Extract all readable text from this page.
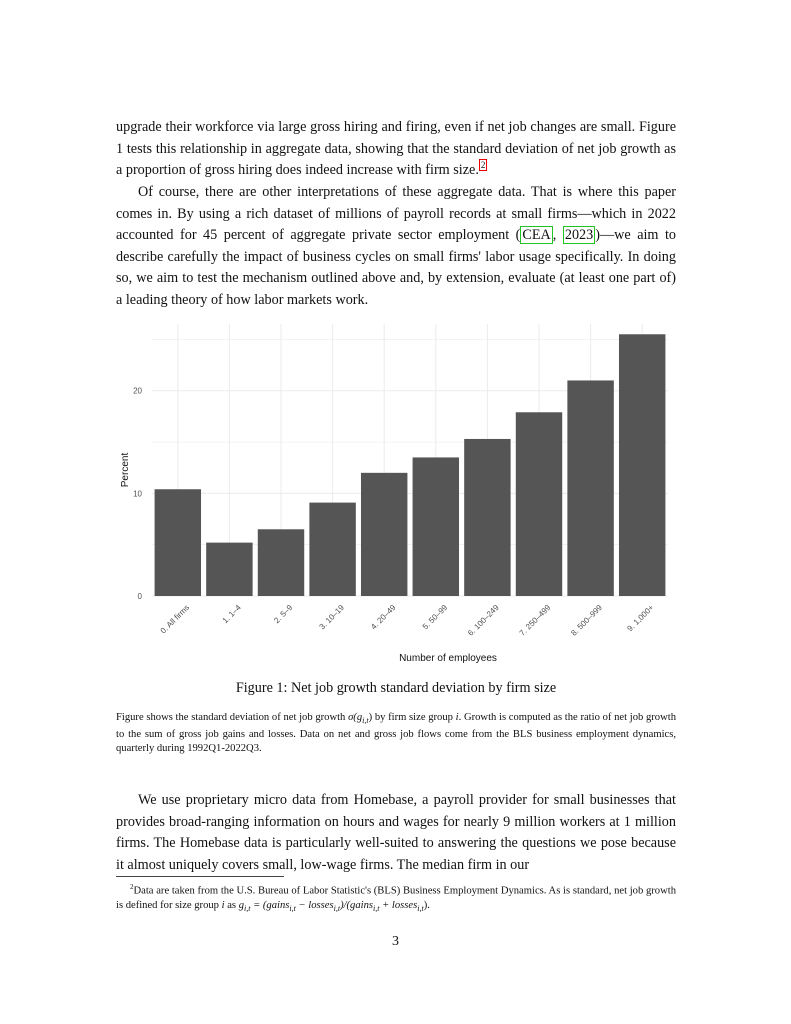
upgrade their workforce via large gross hiring and firing, even if net job changes are small. Figure 1 tests this relationship in aggregate data, showing that the standard deviation of net job growth as a proportion of gross hiring does indeed increase with firm size. $^2$

Of course, there are other interpretations of these aggregate data. That is where this paper comes in. By using a rich dataset of millions of payroll records at small firms—which in 2022 accounted for 45 percent of aggregate private sector employment ( CEA , 2023 )—we aim to describe carefully the impact of business cycles on small firms' labor usage specifically. In doing so, we aim to test the mechanism outlined above and, by extension, evaluate (at least one part of) a leading theory of how labor markets work.

0
10
20
0. All firms	1. 1–4	2. 5–9	3. 10–19	4. 20–49	5. 50–99 6. 100–249 7. 250–499 8. 500–999	9. 1,000+
Number of employees
Percent
Figure 1: Net job growth standard deviation by firm size
Figure shows the standard deviation of net job growth $\sigma(g_{i,t})$ by firm size group i. Growth is computed as the ratio of net job growth to the sum of gross job gains and losses. Data on net and gross job flows come from the BLS business employment dynamics, quarterly during 1992Q1-2022Q3.

We use proprietary micro data from Homebase, a payroll provider for small businesses that provides broad-ranging information on hours and wages for nearly 9 million workers at 1 million firms. The Homebase data is particularly well-suited to answering the questions we pose because it almost uniquely covers small, low-wage firms. The median firm in our

$^2$Data are taken from the U.S. Bureau of Labor Statistic's (BLS) Business Employment Dynamics. As is standard, net job growth is defined for size group i as $g_{i,t}$ = (gains$_{i,t}$ − losses$_{i,t}$)/(gains$_{i,t}$ + losses$_{i,t}$).
3
